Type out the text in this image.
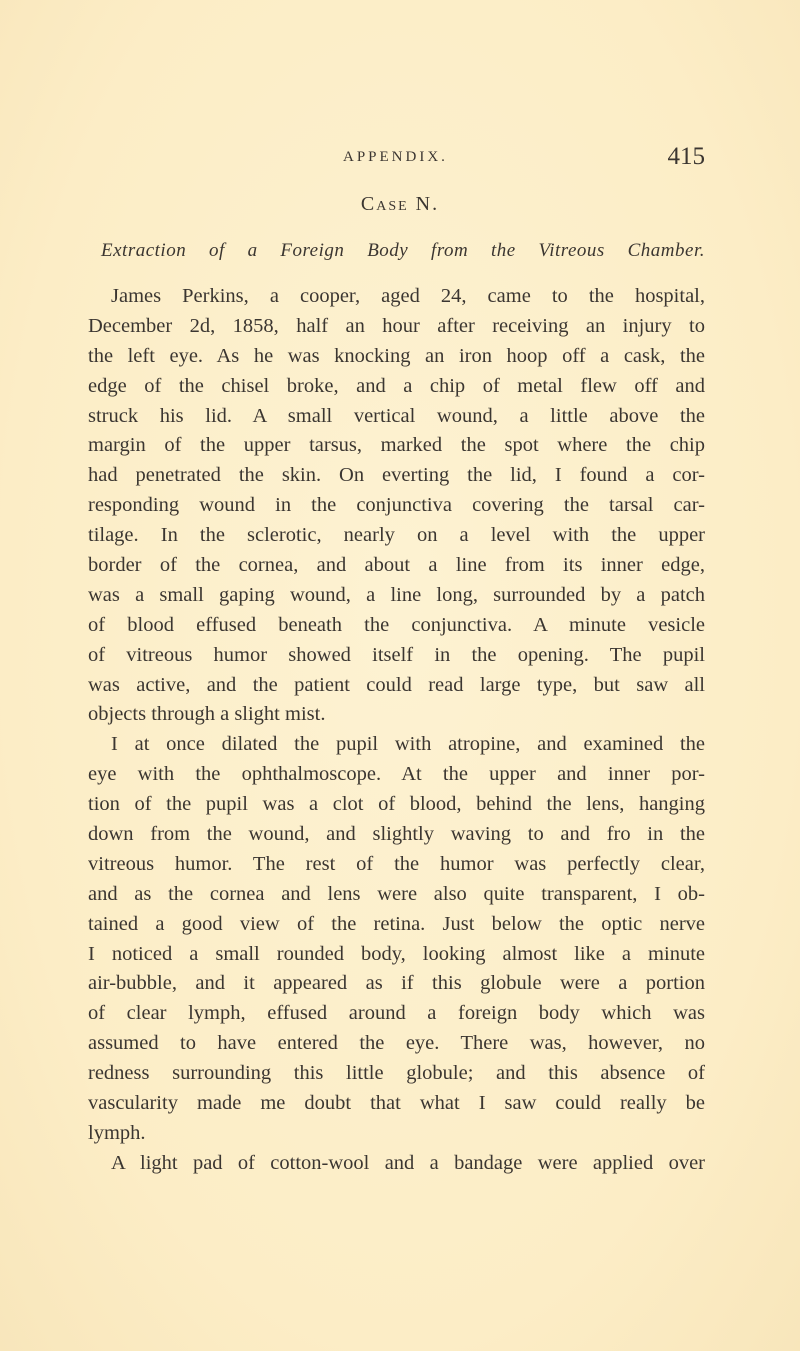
APPENDIX.	415
Case N.
Extraction of a Foreign Body from the Vitreous Chamber.
James Perkins, a cooper, aged 24, came to the hospital,
December 2d, 1858, half an hour after receiving an injury to
the left eye. As he was knocking an iron hoop off a cask, the
edge of the chisel broke, and a chip of metal flew off and
struck his lid. A small vertical wound, a little above the
margin of the upper tarsus, marked the spot where the chip
had penetrated the skin. On everting the lid, I found a cor-
responding wound in the conjunctiva covering the tarsal car-
tilage. In the sclerotic, nearly on a level with the upper
border of the cornea, and about a line from its inner edge,
was a small gaping wound, a line long, surrounded by a patch
of blood effused beneath the conjunctiva. A minute vesicle
of vitreous humor showed itself in the opening. The pupil
was active, and the patient could read large type, but saw all
objects through a slight mist.
I at once dilated the pupil with atropine, and examined the
eye with the ophthalmoscope. At the upper and inner por-
tion of the pupil was a clot of blood, behind the lens, hanging
down from the wound, and slightly waving to and fro in the
vitreous humor. The rest of the humor was perfectly clear,
and as the cornea and lens were also quite transparent, I ob-
tained a good view of the retina. Just below the optic nerve
I noticed a small rounded body, looking almost like a minute
air-bubble, and it appeared as if this globule were a portion
of clear lymph, effused around a foreign body which was
assumed to have entered the eye. There was, however, no
redness surrounding this little globule; and this absence of
vascularity made me doubt that what I saw could really be
lymph.
A light pad of cotton-wool and a bandage were applied over
